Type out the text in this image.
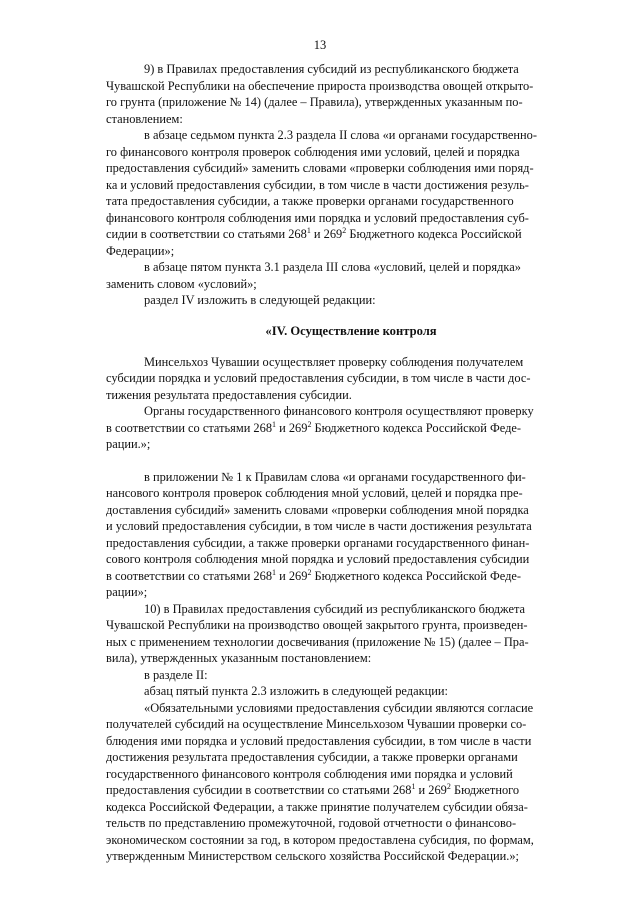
13

9) в Правилах предоставления субсидий из республиканского бюджета
Чувашской Республики на обеспечение прироста производства овощей открыто-
го грунта (приложение № 14) (далее – Правила), утвержденных указанным по-
становлением:

в абзаце седьмом пункта 2.3 раздела II слова «и органами государственно-
го финансового контроля проверок соблюдения ими условий, целей и порядка
предоставления субсидий» заменить словами «проверки соблюдения ими поряд-
ка и условий предоставления субсидии, в том числе в части достижения резуль-
тата предоставления субсидии, а также проверки органами государственного
финансового контроля соблюдения ими порядка и условий предоставления суб-
сидии в соответствии со статьями $268^1$ и $269^2$ Бюджетного кодекса Российской
Федерации»;

в абзаце пятом пункта 3.1 раздела III слова «условий, целей и порядка»
заменить словом «условий»;

раздел IV изложить в следующей редакции:

«IV. Осуществление контроля

Минсельхоз Чувашии осуществляет проверку соблюдения получателем
субсидии порядка и условий предоставления субсидии, в том числе в части дос-
тижения результата предоставления субсидии.

Органы государственного финансового контроля осуществляют проверку
в соответствии со статьями $268^1$ и $269^2$ Бюджетного кодекса Российской Феде-
рации.»;

в приложении № 1 к Правилам слова «и органами государственного фи-
нансового контроля проверок соблюдения мной условий, целей и порядка пре-
доставления субсидий» заменить словами «проверки соблюдения мной порядка
и условий предоставления субсидии, в том числе в части достижения результата
предоставления субсидии, а также проверки органами государственного финан-
сового контроля соблюдения мной порядка и условий предоставления субсидии
в соответствии со статьями $268^1$ и $269^2$ Бюджетного кодекса Российской Феде-
рации»;

10) в Правилах предоставления субсидий из республиканского бюджета
Чувашской Республики на производство овощей закрытого грунта, произведен-
ных с применением технологии досвечивания (приложение № 15) (далее – Пра-
вила), утвержденных указанным постановлением:

в разделе II:

абзац пятый пункта 2.3 изложить в следующей редакции:

«Обязательными условиями предоставления субсидии являются согласие
получателей субсидий на осуществление Минсельхозом Чувашии проверки со-
блюдения ими порядка и условий предоставления субсидии, в том числе в части
достижения результата предоставления субсидии, а также проверки органами
государственного финансового контроля соблюдения ими порядка и условий
предоставления субсидии в соответствии со статьями $268^1$ и $269^2$ Бюджетного
кодекса Российской Федерации, а также принятие получателем субсидии обяза-
тельств по представлению промежуточной, годовой отчетности о финансово-
экономическом состоянии за год, в котором предоставлена субсидия, по формам,
утвержденным Министерством сельского хозяйства Российской Федерации.»;
